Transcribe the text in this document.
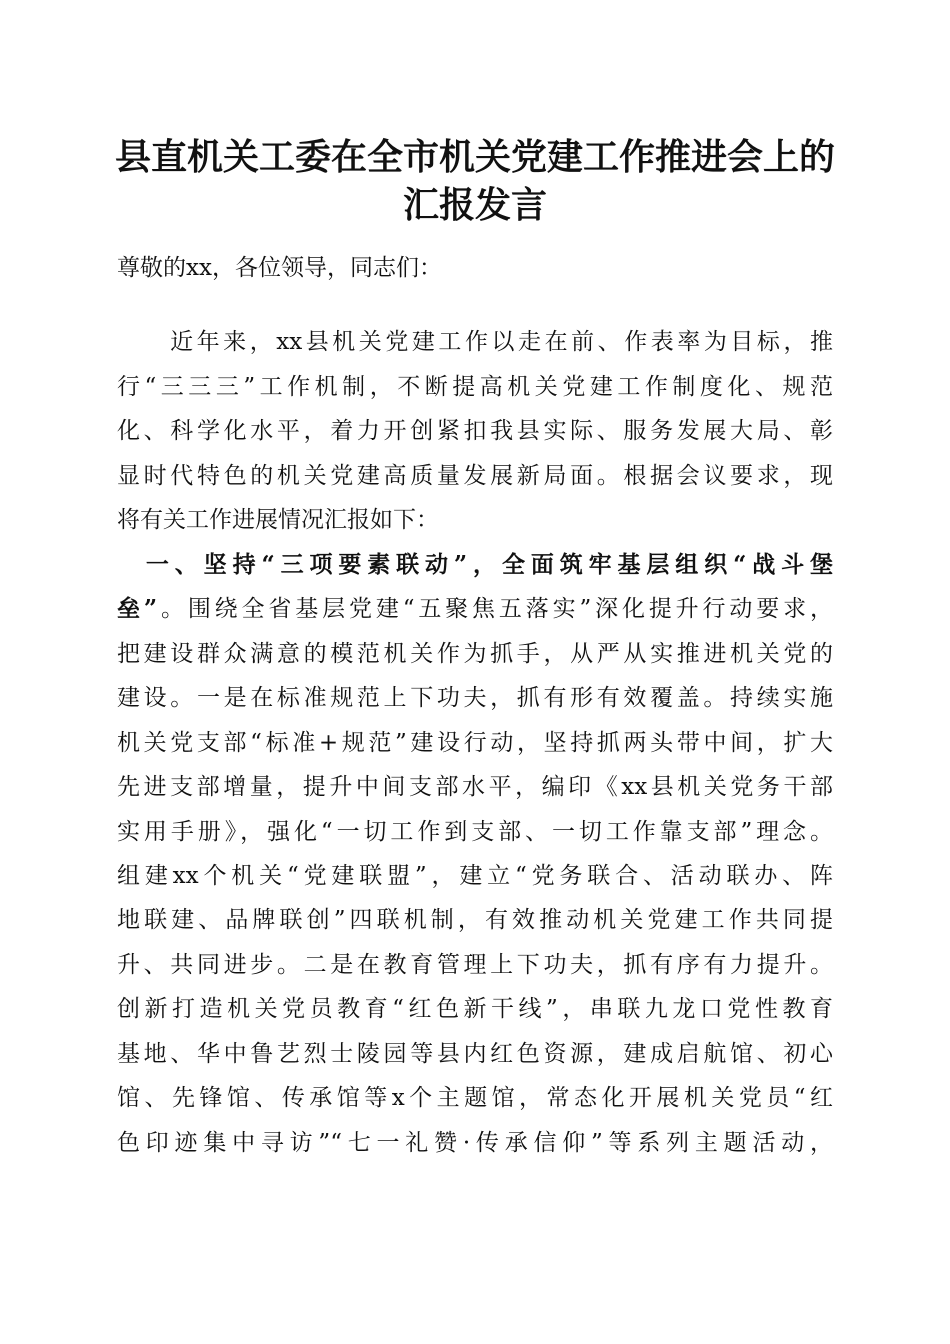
县直机关工委在全市机关党建工作推进会上的
汇报发言
尊敬的xx，各位领导，同志们：
　　近年来，xx县机关党建工作以走在前、作表率为目标，推
行“三三三”工作机制，不断提高机关党建工作制度化、规范
化、科学化水平，着力开创紧扣我县实际、服务发展大局、彰
显时代特色的机关党建高质量发展新局面。根据会议要求，现
将有关工作进展情况汇报如下：
　一、坚持“三项要素联动”，全面筑牢基层组织“战斗堡
垒”。围绕全省基层党建“五聚焦五落实”深化提升行动要求，
把建设群众满意的模范机关作为抓手，从严从实推进机关党的
建设。一是在标准规范上下功夫，抓有形有效覆盖。持续实施
机关党支部“标准+规范”建设行动，坚持抓两头带中间，扩大
先进支部增量，提升中间支部水平，编印《xx县机关党务干部
实用手册》，强化“一切工作到支部、一切工作靠支部”理念。
组建xx个机关“党建联盟”，建立“党务联合、活动联办、阵
地联建、品牌联创”四联机制，有效推动机关党建工作共同提
升、共同进步。二是在教育管理上下功夫，抓有序有力提升。
创新打造机关党员教育“红色新干线”，串联九龙口党性教育
基地、华中鲁艺烈士陵园等县内红色资源，建成启航馆、初心
馆、先锋馆、传承馆等x个主题馆，常态化开展机关党员“红
色印迹集中寻访”“七一礼赞·传承信仰”等系列主题活动，
